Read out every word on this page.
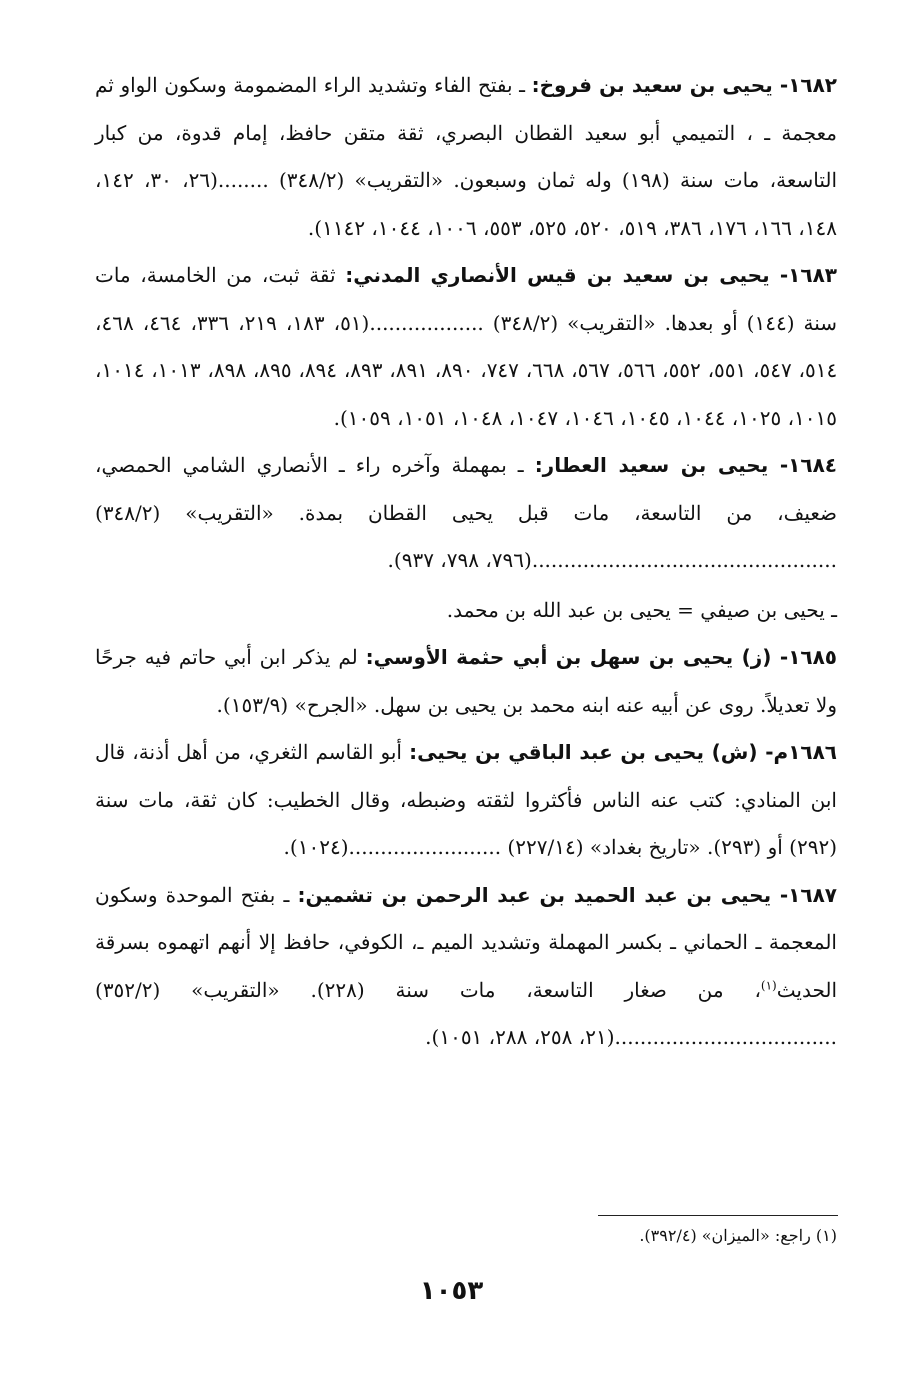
١٦٨٢- يحيى بن سعيد بن فروخ: ـ بفتح الفاء وتشديد الراء المضمومة وسكون الواو ثم معجمة ـ ، التميمي أبو سعيد القطان البصري، ثقة متقن حافظ، إمام قدوة، من كبار التاسعة، مات سنة (١٩٨) وله ثمان وسبعون. «التقريب» (٣٤٨/٢) ........(٢٦، ٣٠، ١٤٢، ١٤٨، ١٦٦، ١٧٦، ٣٨٦، ٥١٩، ٥٢٠، ٥٢٥، ٥٥٣، ١٠٠٦، ١٠٤٤، ١١٤٢).

١٦٨٣- يحيى بن سعيد بن قيس الأنصاري المدني: ثقة ثبت، من الخامسة، مات سنة (١٤٤) أو بعدها. «التقريب» (٣٤٨/٢) ..................(٥١، ١٨٣، ٢١٩، ٣٣٦، ٤٦٤، ٤٦٨، ٥١٤، ٥٤٧، ٥٥١، ٥٥٢، ٥٦٦، ٥٦٧، ٦٦٨، ٧٤٧، ٨٩٠، ٨٩١، ٨٩٣، ٨٩٤، ٨٩٥، ٨٩٨، ١٠١٣، ١٠١٤، ١٠١٥، ١٠٢٥، ١٠٤٤، ١٠٤٥، ١٠٤٦، ١٠٤٧، ١٠٤٨، ١٠٥١، ١٠٥٩).

١٦٨٤- يحيى بن سعيد العطار: ـ بمهملة وآخره راء ـ الأنصاري الشامي الحمصي، ضعيف، من التاسعة، مات قبل يحيى القطان بمدة. «التقريب» (٣٤٨/٢) ................................................(٧٩٦، ٧٩٨، ٩٣٧).

ـ يحيى بن صيفي = يحيى بن عبد الله بن محمد.

١٦٨٥- (ز) يحيى بن سهل بن أبي حثمة الأوسي: لم يذكر ابن أبي حاتم فيه جرحًا ولا تعديلاً. روى عن أبيه عنه ابنه محمد بن يحيى بن سهل. «الجرح» (١٥٣/٩).

١٦٨٦م- (ش) يحيى بن عبد الباقي بن يحيى: أبو القاسم الثغري، من أهل أذنة، قال ابن المنادي: كتب عنه الناس فأكثروا لثقته وضبطه، وقال الخطيب: كان ثقة، مات سنة (٢٩٢) أو (٢٩٣). «تاريخ بغداد» (٢٢٧/١٤) ........................(١٠٢٤).

١٦٨٧- يحيى بن عبد الحميد بن عبد الرحمن بن تشمين: ـ بفتح الموحدة وسكون المعجمة ـ الحماني ـ بكسر المهملة وتشديد الميم ـ، الكوفي، حافظ إلا أنهم اتهموه بسرقة الحديث$^{(١)}$، من صغار التاسعة، مات سنة (٢٢٨). «التقريب» (٣٥٢/٢) ...................................(٢١، ٢٥٨، ٢٨٨، ١٠٥١).

(١) راجع: «الميزان» (٣٩٢/٤).
١٠٥٣
